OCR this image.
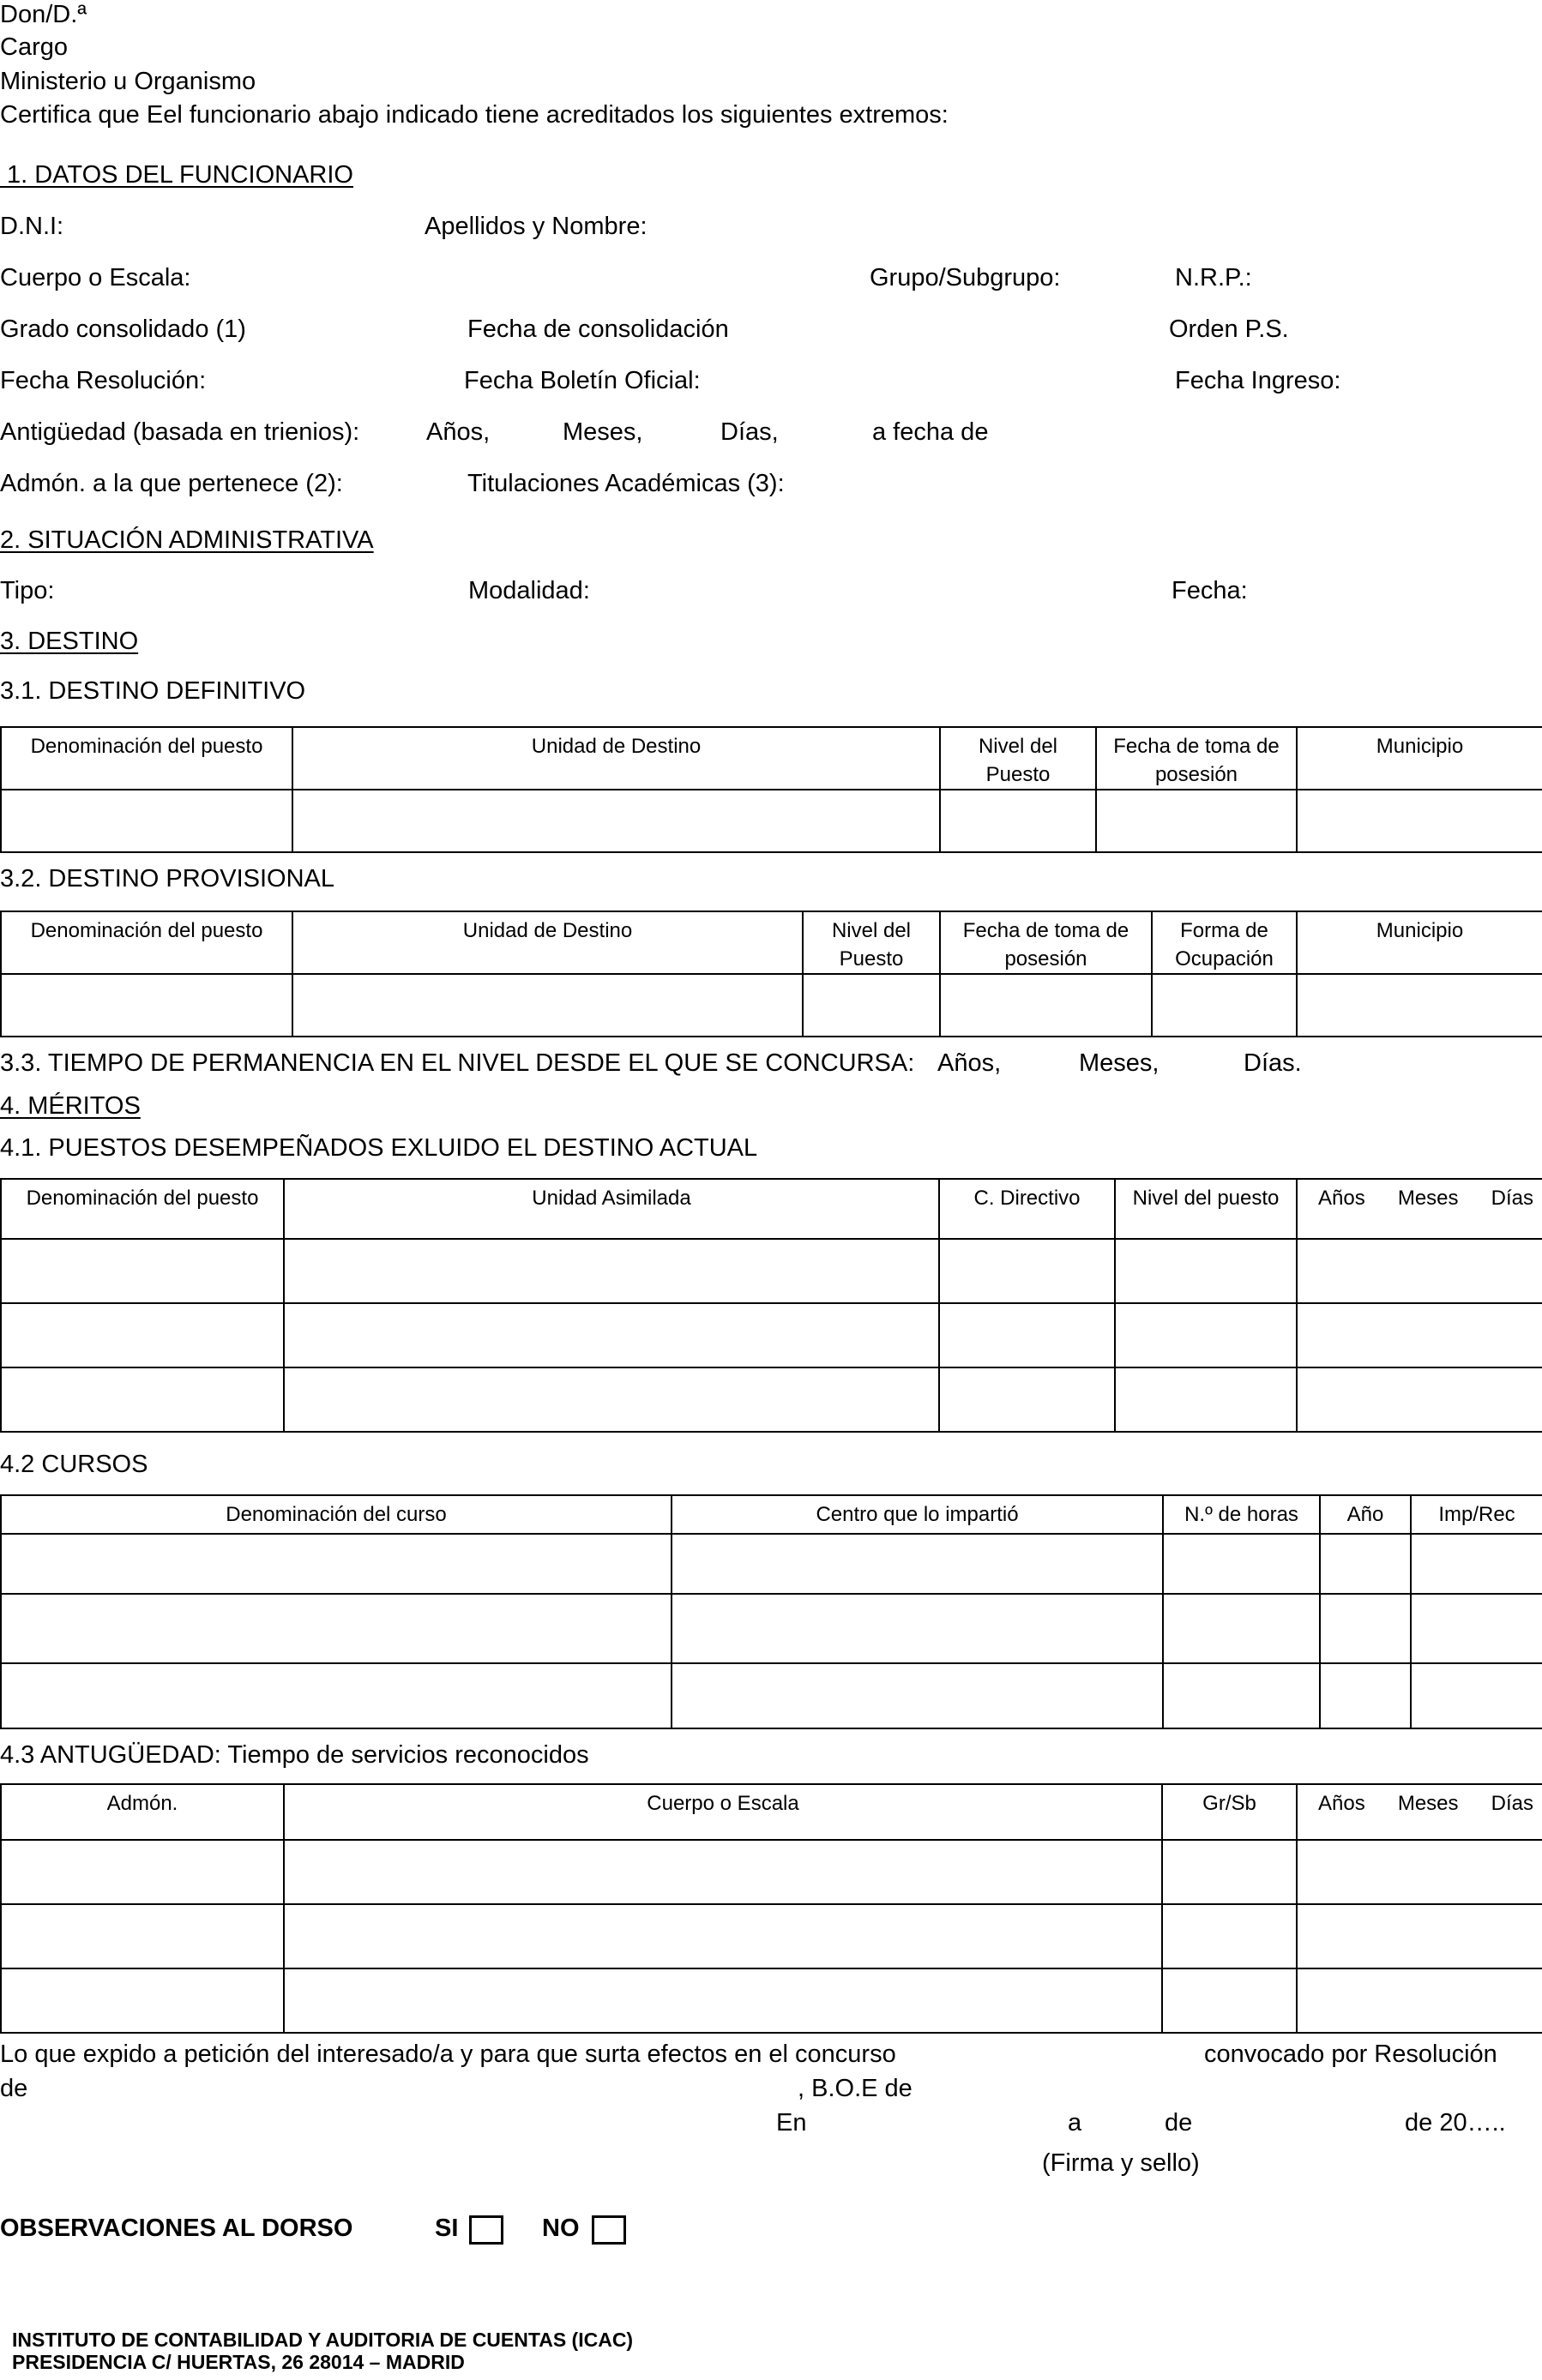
Don/D.ª
Cargo
Ministerio u Organismo
Certifica que Eel funcionario abajo indicado tiene acreditados los siguientes extremos:
1. DATOS DEL FUNCIONARIO
D.N.I:	Apellidos y Nombre:
Cuerpo o Escala:	Grupo/Subgrupo:	N.R.P.:
Grado consolidado (1)	Fecha de consolidación	Orden P.S.
Fecha Resolución:	Fecha Boletín Oficial:	Fecha Ingreso:
Antigüedad (basada en trienios):	Años,	Meses,	Días,	a fecha de
Admón. a la que pertenece (2):	Titulaciones Académicas (3):
2. SITUACIÓN ADMINISTRATIVA
Tipo:	Modalidad:	Fecha:
3. DESTINO
3.1. DESTINO DEFINITIVO
Denominación del puesto	Unidad de Destino	Nivel del Puesto	Fecha de toma de posesión	Municipio

3.2. DESTINO PROVISIONAL
Denominación del puesto	Unidad de Destino	Nivel del Puesto	Fecha de toma de posesión	Forma de Ocupación	Municipio

3.3. TIEMPO DE PERMANENCIA EN EL NIVEL DESDE EL QUE SE CONCURSA: Años,	Meses,	Días.
4. MÉRITOS
4.1. PUESTOS DESEMPEÑADOS EXLUIDO EL DESTINO ACTUAL
Denominación del puesto	Unidad Asimilada	C. Directivo	Nivel del puesto	Años Meses Días

4.2 CURSOS
Denominación del curso	Centro que lo impartió	N.º de horas	Año	Imp/Rec

4.3 ANTUGÜEDAD: Tiempo de servicios reconocidos
Admón.	Cuerpo o Escala	Gr/Sb	Años Meses Días

Lo que expido a petición del interesado/a y para que surta efectos en el concurso	convocado por Resolución
de	, B.O.E de
En	a	de	de 20…..
(Firma y sello)
OBSERVACIONES AL DORSO	SI	NO
INSTITUTO DE CONTABILIDAD Y AUDITORIA DE CUENTAS (ICAC)
PRESIDENCIA C/ HUERTAS, 26 28014 – MADRID
